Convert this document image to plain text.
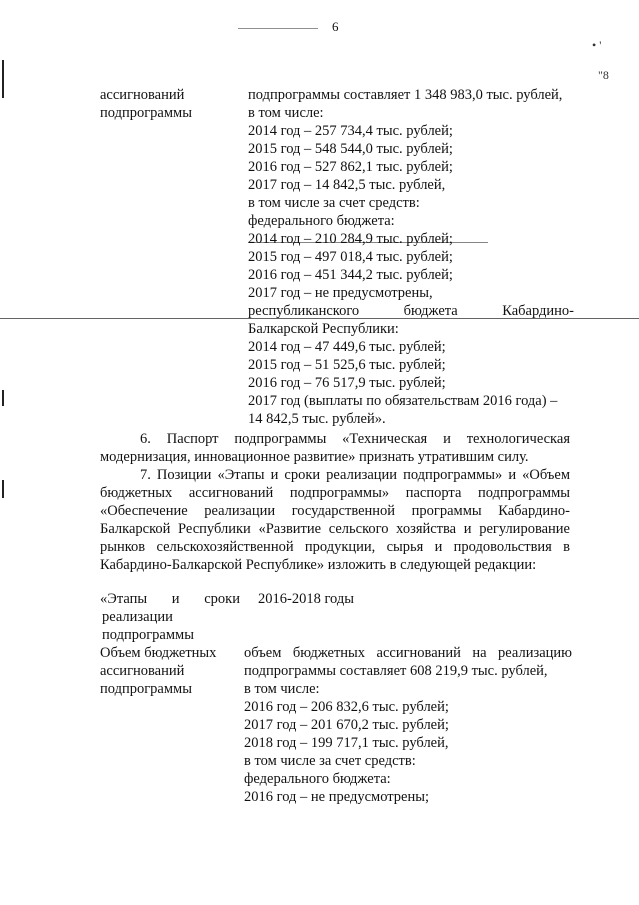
6
• '
"8
ассигнований
подпрограммы
подпрограммы составляет 1 348 983,0 тыс. рублей,
в том числе:
2014 год – 257 734,4 тыс. рублей;
2015 год – 548 544,0 тыс. рублей;
2016 год – 527 862,1 тыс. рублей;
2017 год – 14 842,5 тыс. рублей,
в том числе за счет средств:
федерального бюджета:
2014 год – 210 284,9 тыс. рублей;
2015 год – 497 018,4 тыс. рублей;
2016 год – 451 344,2 тыс. рублей;
2017 год – не предусмотрены,
республиканского бюджета Кабардино-
Балкарской Республики:
2014 год – 47 449,6 тыс. рублей;
2015 год – 51 525,6 тыс. рублей;
2016 год – 76 517,9 тыс. рублей;
2017 год (выплаты по обязательствам 2016 года) –
14 842,5 тыс. рублей».
6. Паспорт подпрограммы «Техническая и технологическая модернизация, инновационное развитие» признать утратившим силу.
7. Позиции «Этапы и сроки реализации подпрограммы» и «Объем бюджетных ассигнований подпрограммы» паспорта подпрограммы «Обеспечение реализации государственной программы Кабардино-Балкарской Республики «Развитие сельского хозяйства и регулирование рынков сельскохозяйственной продукции, сырья и продовольствия в Кабардино-Балкарской Республике» изложить в следующей редакции:
«Этапы и сроки
реализации
подпрограммы
2016-2018 годы
Объем бюджетных
ассигнований
подпрограммы
объем бюджетных ассигнований на реализацию
подпрограммы составляет 608 219,9 тыс. рублей,
в том числе:
2016 год – 206 832,6 тыс. рублей;
2017 год – 201 670,2 тыс. рублей;
2018 год – 199 717,1 тыс. рублей,
в том числе за счет средств:
федерального бюджета:
2016 год – не предусмотрены;
